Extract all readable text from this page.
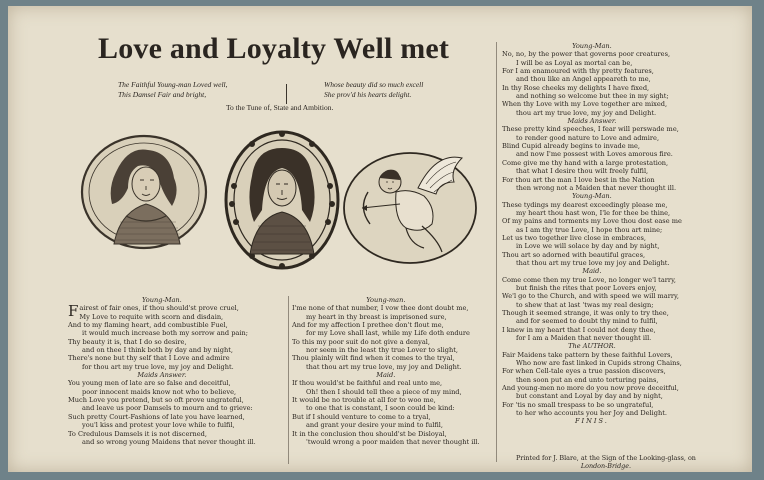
Love and Loyalty Well met
The Faithful Young-man Loved well,
This Damsel Fair and bright,
Whose beauty did so much excell
She prov'd his hearts delight.
To the Tune of, State and Ambition.
Young-Man.
Fairest of fair ones, if thou should'st prove cruel,
My Love to requite with scorn and disdain,
And to my flaming heart, add combustible Fuel,
it would much increase both my sorrow and pain;
Thy beauty it is, that I do so desire,
and on thee I think both by day and by night,
There's none but thy self that I Love and admire
for thou art my true love, my joy and Delight.
Maids Answer.
You young men of late are so false and deceitful,
poor innocent maids know not who to believe,
Much Love you pretend, but so oft prove ungrateful,
and leave us poor Damsels to mourn and to grieve:
Such pretty Court-Fashions of late you have learned,
you'l kiss and protest your love while to fulfil,
To Credulous Damsels it is not discerned,
and so wrong young Maidens that never thought ill.
Young-man.
I'me none of that number, I vow thee dont doubt me,
my heart in thy breast is imprisoned sure,
And for my affection I prethee don't flout me,
for my Love shall last, while my Life doth endure
To this my poor suit do not give a denyal,
nor seem in the least thy true Lover to slight,
Thou plainly wilt find when it comes to the tryal,
that thou art my true love, my joy and Delight.
Maid.
If thou would'st be faithful and real unto me,
Oh! then I should tell thee a piece of my mind,
It would be no trouble at all for to woo me,
to one that is constant, I soon could be kind:
But if I should venture to come to a tryal,
and grant your desire your mind to fulfil,
It in the conclusion thou should'st be Disloyal,
'twould wrong a poor maiden that never thought ill.
Young-Man.
No, no, by the power that governs poor creatures,
I will be as Loyal as mortal can be,
For I am enamoured with thy pretty features,
and thou like an Angel appeareth to me,
In thy Rose cheeks my delights I have fixed,
and nothing so welcome but thee in my sight;
When thy Love with my Love together are mixed,
thou art my true love, my joy and Delight.
Maids Answer.
These pretty kind speeches, I fear will perswade me,
to render good nature to Love and admire,
Blind Cupid already begins to invade me,
and now I'me possest with Loves amorous fire.
Come give me thy hand with a large protestation,
that what I desire thou wilt freely fulfil,
For thou art the man I love best in the Nation
then wrong not a Maiden that never thought ill.
Young-Man.
These tydings my dearest exceedingly please me,
my heart thou hast won, I'le for thee be thine,
Of my pains and torments my Love thou dost ease me
as I am thy true Love, I hope thou art mine;
Let us two together live close in embraces,
in Love we will solace by day and by night,
Thou art so adorned with beautiful graces,
that thou art my true love my joy and Delight.
Maid.
Come come then my true Love, no longer we'l tarry,
but finish the rites that poor Lovers enjoy,
We'l go to the Church, and with speed we will marry,
to shew that at last 'twas my real design;
Though it seemed strange, it was only to try thee,
and for seemed to doubt thy mind to fulfil,
I knew in my heart that I could not deny thee,
for I am a Maiden that never thought ill.
The AUTHOR.
Fair Maidens take pattern by these faithful Lovers,
Who now are fast linked in Cupids strong Chains,
For when Cell-tale eyes a true passion discovers,
then soon put an end unto torturing pains,
And young-men no more do you now prove deceitful,
but constant and Loyal by day and by night,
For 'tis no small trespass to be so ungrateful,
to her who accounts you her Joy and Delight.
FINIS.
Printed for J. Blare, at the Sign of the Looking-glass, on
London-Bridge.
